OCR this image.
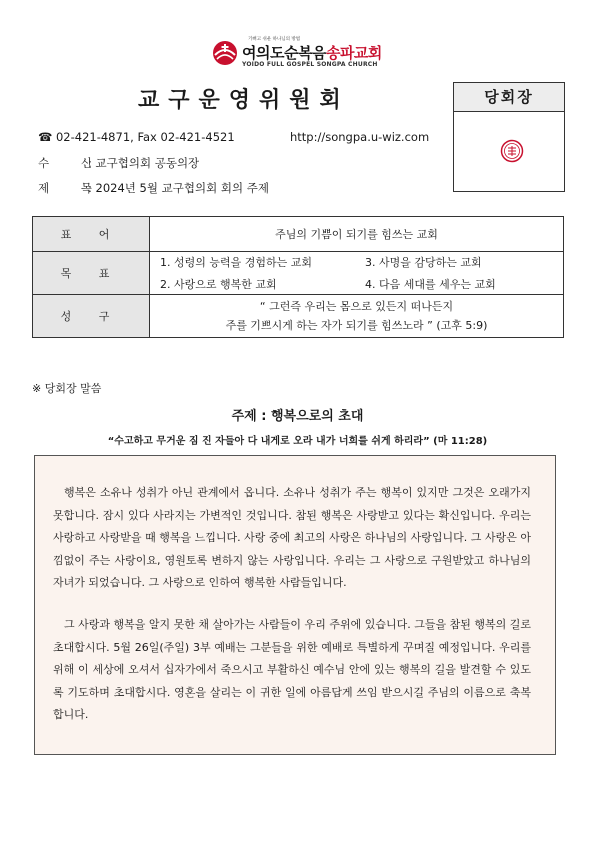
기뻐고 쉬운 하나님의 방법
여의도순복음송파교회
YOIDO FULL GOSPEL SONGPA CHURCH
교구운영위원회	당회장
☎ 02-421-4871, Fax 02-421-4521	http://songpa.u-wiz.com
수 신: 교구협의회 공동의장
제 목: 2024년 5월 교구협의회 회의 주제
표 어	주님의 기쁨이 되기를 힘쓰는 교회
목 표	1. 성령의 능력을 경험하는 교회 3. 사명을 감당하는 교회
2. 사랑으로 행복한 교회 4. 다음 세대를 세우는 교회

성 구	“ 그런즉 우리는 몸으로 있든지 떠나든지
주를 기쁘시게 하는 자가 되기를 힘쓰노라 ” (고후 5:9)
※ 당회장 말씀
주제 : 행복으로의 초대
“수고하고 무거운 짐 진 자들아 다 내게로 오라 내가 너희를 쉬게 하리라” (마 11:28)

행복은 소유나 성취가 아닌 관계에서 옵니다. 소유나 성취가 주는 행복이 있지만 그것은 오래가지 못합니다. 잠시 있다 사라지는 가변적인 것입니다. 참된 행복은 사랑받고 있다는 확신입니다. 우리는 사랑하고 사랑받을 때 행복을 느낍니다. 사랑 중에 최고의 사랑은 하나님의 사랑입니다. 그 사랑은 아낌없이 주는 사랑이요, 영원토록 변하지 않는 사랑입니다. 우리는 그 사랑으로 구원받았고 하나님의 자녀가 되었습니다. 그 사랑으로 인하여 행복한 사람들입니다.

그 사랑과 행복을 알지 못한 채 살아가는 사람들이 우리 주위에 있습니다. 그들을 참된 행복의 길로 초대합시다. 5월 26일(주일) 3부 예배는 그분들을 위한 예배로 특별하게 꾸며질 예정입니다. 우리를 위해 이 세상에 오셔서 십자가에서 죽으시고 부활하신 예수님 안에 있는 행복의 길을 발견할 수 있도록 기도하며 초대합시다. 영혼을 살리는 이 귀한 일에 아름답게 쓰임 받으시길 주님의 이름으로 축복합니다.
